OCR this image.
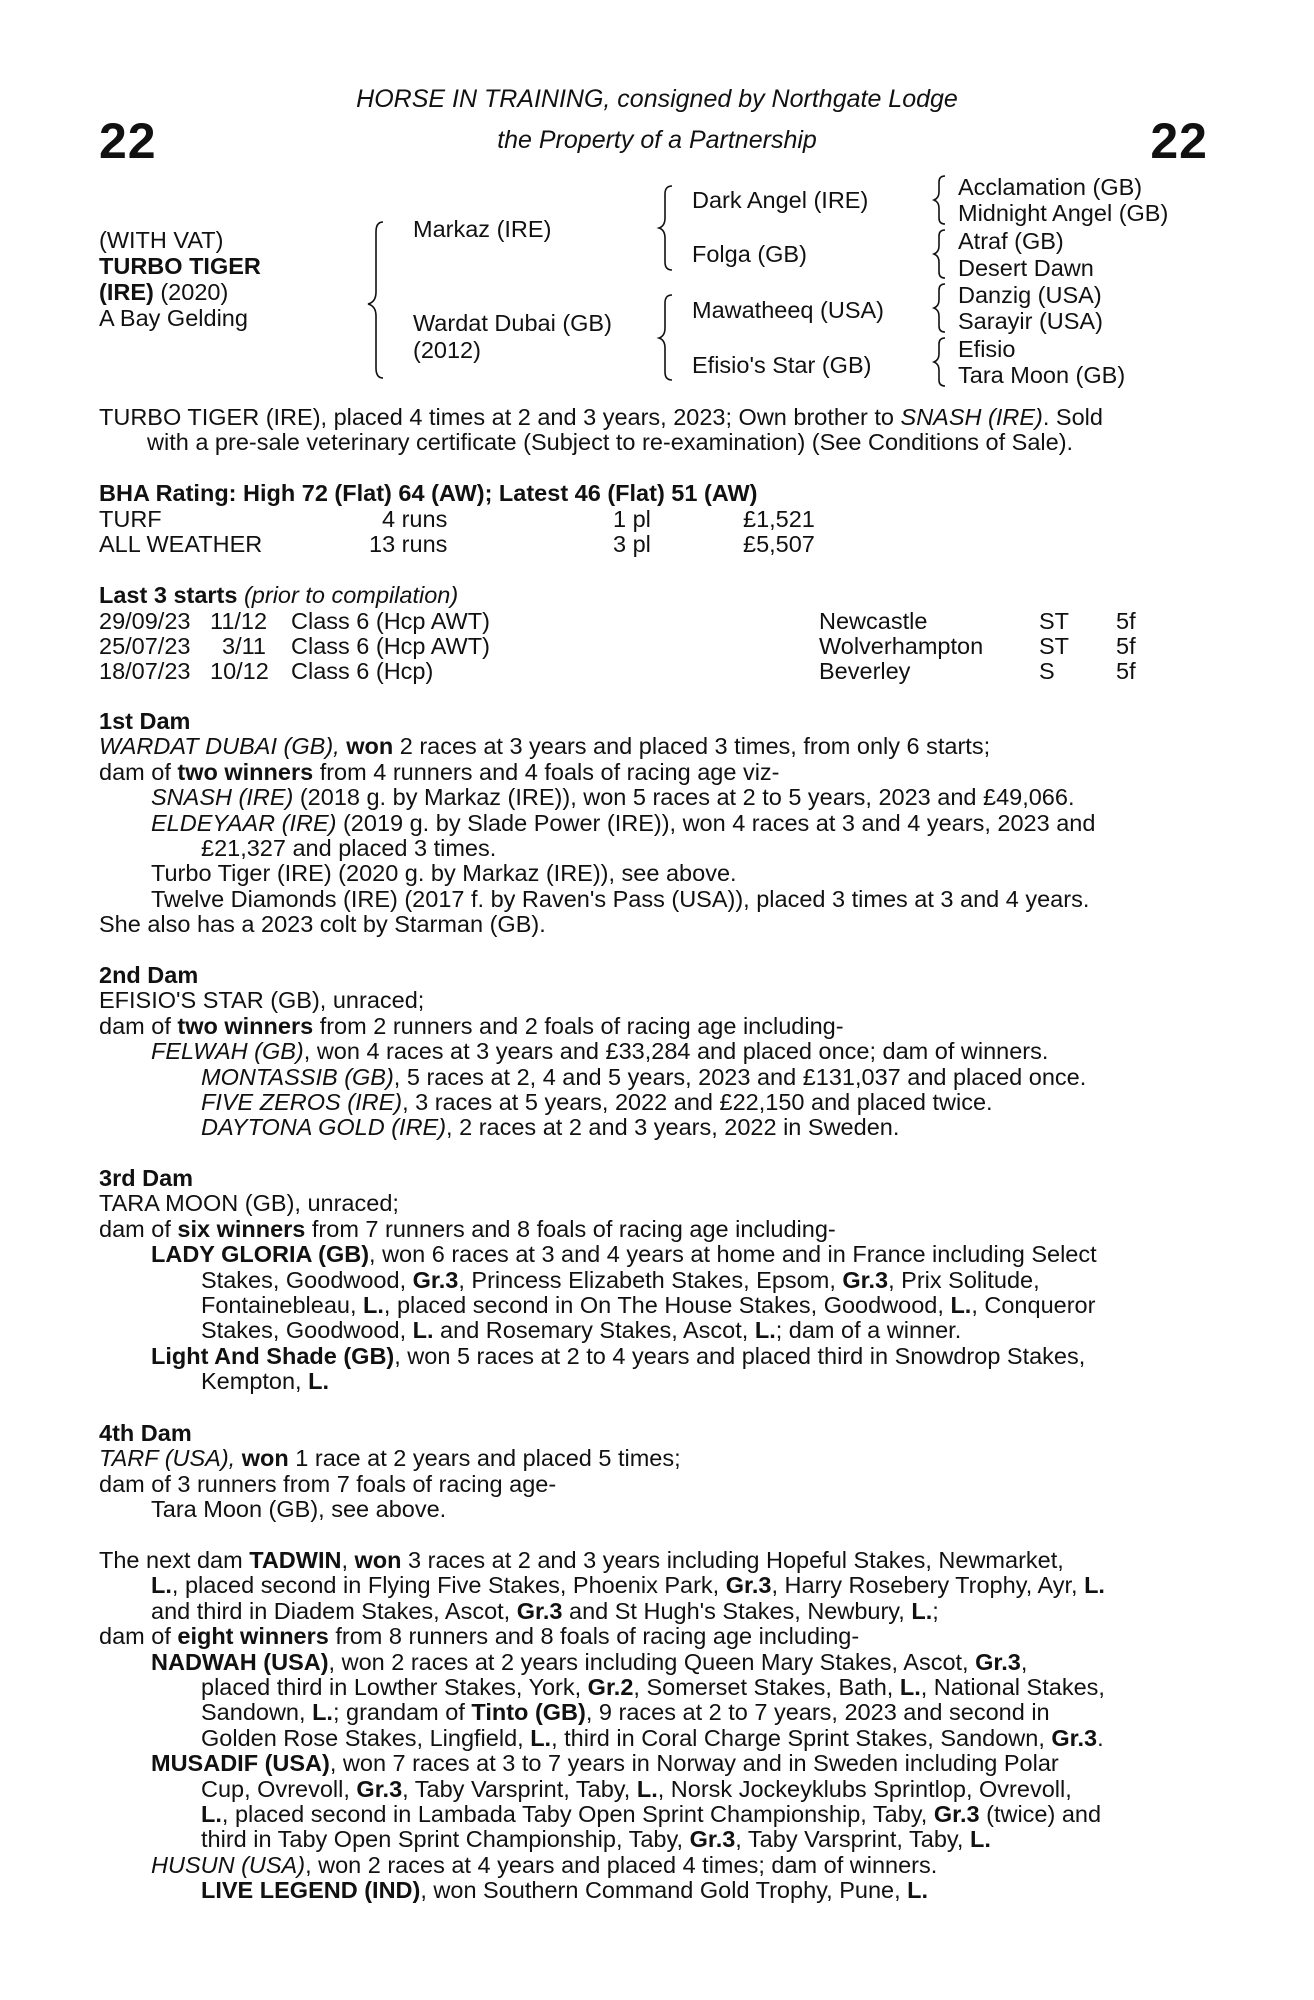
22	22
HORSE IN TRAINING, consigned by Northgate Lodge
the Property of a Partnership
(WITH VAT)
TURBO TIGER
(IRE) (2020)
A Bay Gelding
Markaz (IRE)
Wardat Dubai (GB)
(2012)
Dark Angel (IRE)
Folga (GB)
Mawatheeq (USA)
Efisio's Star (GB)
Acclamation (GB)
Midnight Angel (GB)
Atraf (GB)
Desert Dawn
Danzig (USA)
Sarayir (USA)
Efisio
Tara Moon (GB)
TURBO TIGER (IRE), placed 4 times at 2 and 3 years, 2023; Own brother to SNASH (IRE). Sold
with a pre-sale veterinary certificate (Subject to re-examination) (See Conditions of Sale).
BHA Rating: High 72 (Flat) 64 (AW); Latest 46 (Flat) 51 (AW)
TURF	4 runs	1 pl	£1,521
ALL WEATHER	13 runs	3 pl	£5,507
Last 3 starts (prior to compilation)
29/09/23 11/12 Class 6 (Hcp AWT)	Newcastle	ST 5f
25/07/23 3/11 Class 6 (Hcp AWT)	Wolverhampton ST 5f
18/07/23 10/12 Class 6 (Hcp)	Beverley	S	5f
1st Dam
WARDAT DUBAI (GB), won 2 races at 3 years and placed 3 times, from only 6 starts;
dam of two winners from 4 runners and 4 foals of racing age viz-
SNASH (IRE) (2018 g. by Markaz (IRE)), won 5 races at 2 to 5 years, 2023 and £49,066.
ELDEYAAR (IRE) (2019 g. by Slade Power (IRE)), won 4 races at 3 and 4 years, 2023 and
£21,327 and placed 3 times.
Turbo Tiger (IRE) (2020 g. by Markaz (IRE)), see above.
Twelve Diamonds (IRE) (2017 f. by Raven's Pass (USA)), placed 3 times at 3 and 4 years.
She also has a 2023 colt by Starman (GB).
2nd Dam
EFISIO'S STAR (GB), unraced;
dam of two winners from 2 runners and 2 foals of racing age including-
FELWAH (GB), won 4 races at 3 years and £33,284 and placed once; dam of winners.
MONTASSIB (GB), 5 races at 2, 4 and 5 years, 2023 and £131,037 and placed once.
FIVE ZEROS (IRE), 3 races at 5 years, 2022 and £22,150 and placed twice.
DAYTONA GOLD (IRE), 2 races at 2 and 3 years, 2022 in Sweden.
3rd Dam
TARA MOON (GB), unraced;
dam of six winners from 7 runners and 8 foals of racing age including-
LADY GLORIA (GB), won 6 races at 3 and 4 years at home and in France including Select
Stakes, Goodwood, Gr.3, Princess Elizabeth Stakes, Epsom, Gr.3, Prix Solitude,
Fontainebleau, L., placed second in On The House Stakes, Goodwood, L., Conqueror
Stakes, Goodwood, L. and Rosemary Stakes, Ascot, L.; dam of a winner.
Light And Shade (GB), won 5 races at 2 to 4 years and placed third in Snowdrop Stakes,
Kempton, L.
4th Dam
TARF (USA), won 1 race at 2 years and placed 5 times;
dam of 3 runners from 7 foals of racing age-
Tara Moon (GB), see above.
The next dam TADWIN, won 3 races at 2 and 3 years including Hopeful Stakes, Newmarket,
L., placed second in Flying Five Stakes, Phoenix Park, Gr.3, Harry Rosebery Trophy, Ayr, L.
and third in Diadem Stakes, Ascot, Gr.3 and St Hugh's Stakes, Newbury, L.;
dam of eight winners from 8 runners and 8 foals of racing age including-
NADWAH (USA), won 2 races at 2 years including Queen Mary Stakes, Ascot, Gr.3,
placed third in Lowther Stakes, York, Gr.2, Somerset Stakes, Bath, L., National Stakes,
Sandown, L.; grandam of Tinto (GB), 9 races at 2 to 7 years, 2023 and second in
Golden Rose Stakes, Lingfield, L., third in Coral Charge Sprint Stakes, Sandown, Gr.3.
MUSADIF (USA), won 7 races at 3 to 7 years in Norway and in Sweden including Polar
Cup, Ovrevoll, Gr.3, Taby Varsprint, Taby, L., Norsk Jockeyklubs Sprintlop, Ovrevoll,
L., placed second in Lambada Taby Open Sprint Championship, Taby, Gr.3 (twice) and
third in Taby Open Sprint Championship, Taby, Gr.3, Taby Varsprint, Taby, L.
HUSUN (USA), won 2 races at 4 years and placed 4 times; dam of winners.
LIVE LEGEND (IND), won Southern Command Gold Trophy, Pune, L.
